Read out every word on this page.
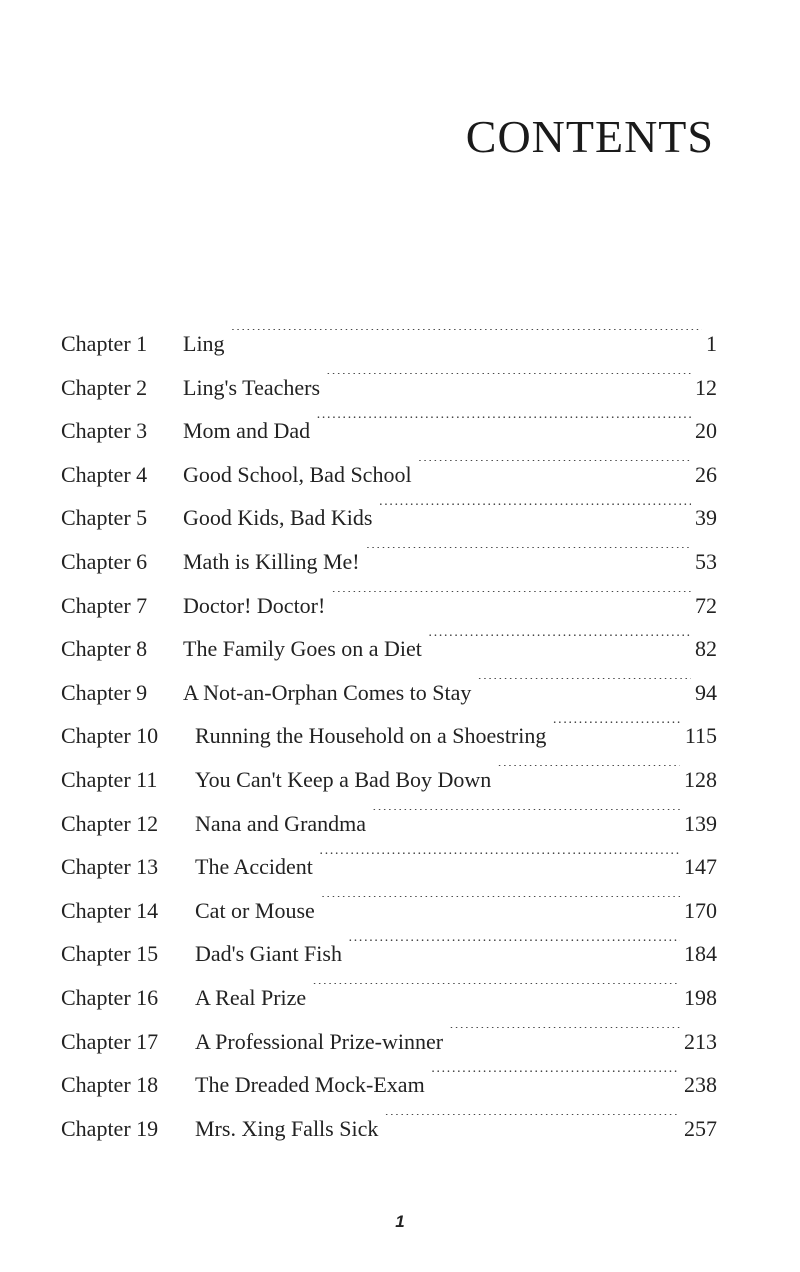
CONTENTS
Chapter 1	Ling ·····	1
Chapter 2	Ling's Teachers ·····	12
Chapter 3	Mom and Dad ·····	20
Chapter 4	Good School, Bad School ·····	26
Chapter 5	Good Kids, Bad Kids ·····	39
Chapter 6	Math is Killing Me! ·····	53
Chapter 7	Doctor! Doctor! ·····	72
Chapter 8	The Family Goes on a Diet ·····	82
Chapter 9	A Not-an-Orphan Comes to Stay ·····	94
Chapter 10	Running the Household on a Shoestring ·····	115
Chapter 11	You Can't Keep a Bad Boy Down ·····	128
Chapter 12	Nana and Grandma ·····	139
Chapter 13	The Accident ·····	147
Chapter 14	Cat or Mouse ·····	170
Chapter 15	Dad's Giant Fish ·····	184
Chapter 16	A Real Prize ·····	198
Chapter 17	A Professional Prize-winner ·····	213
Chapter 18	The Dreaded Mock-Exam ·····	238
Chapter 19	Mrs. Xing Falls Sick ·····	257
1
